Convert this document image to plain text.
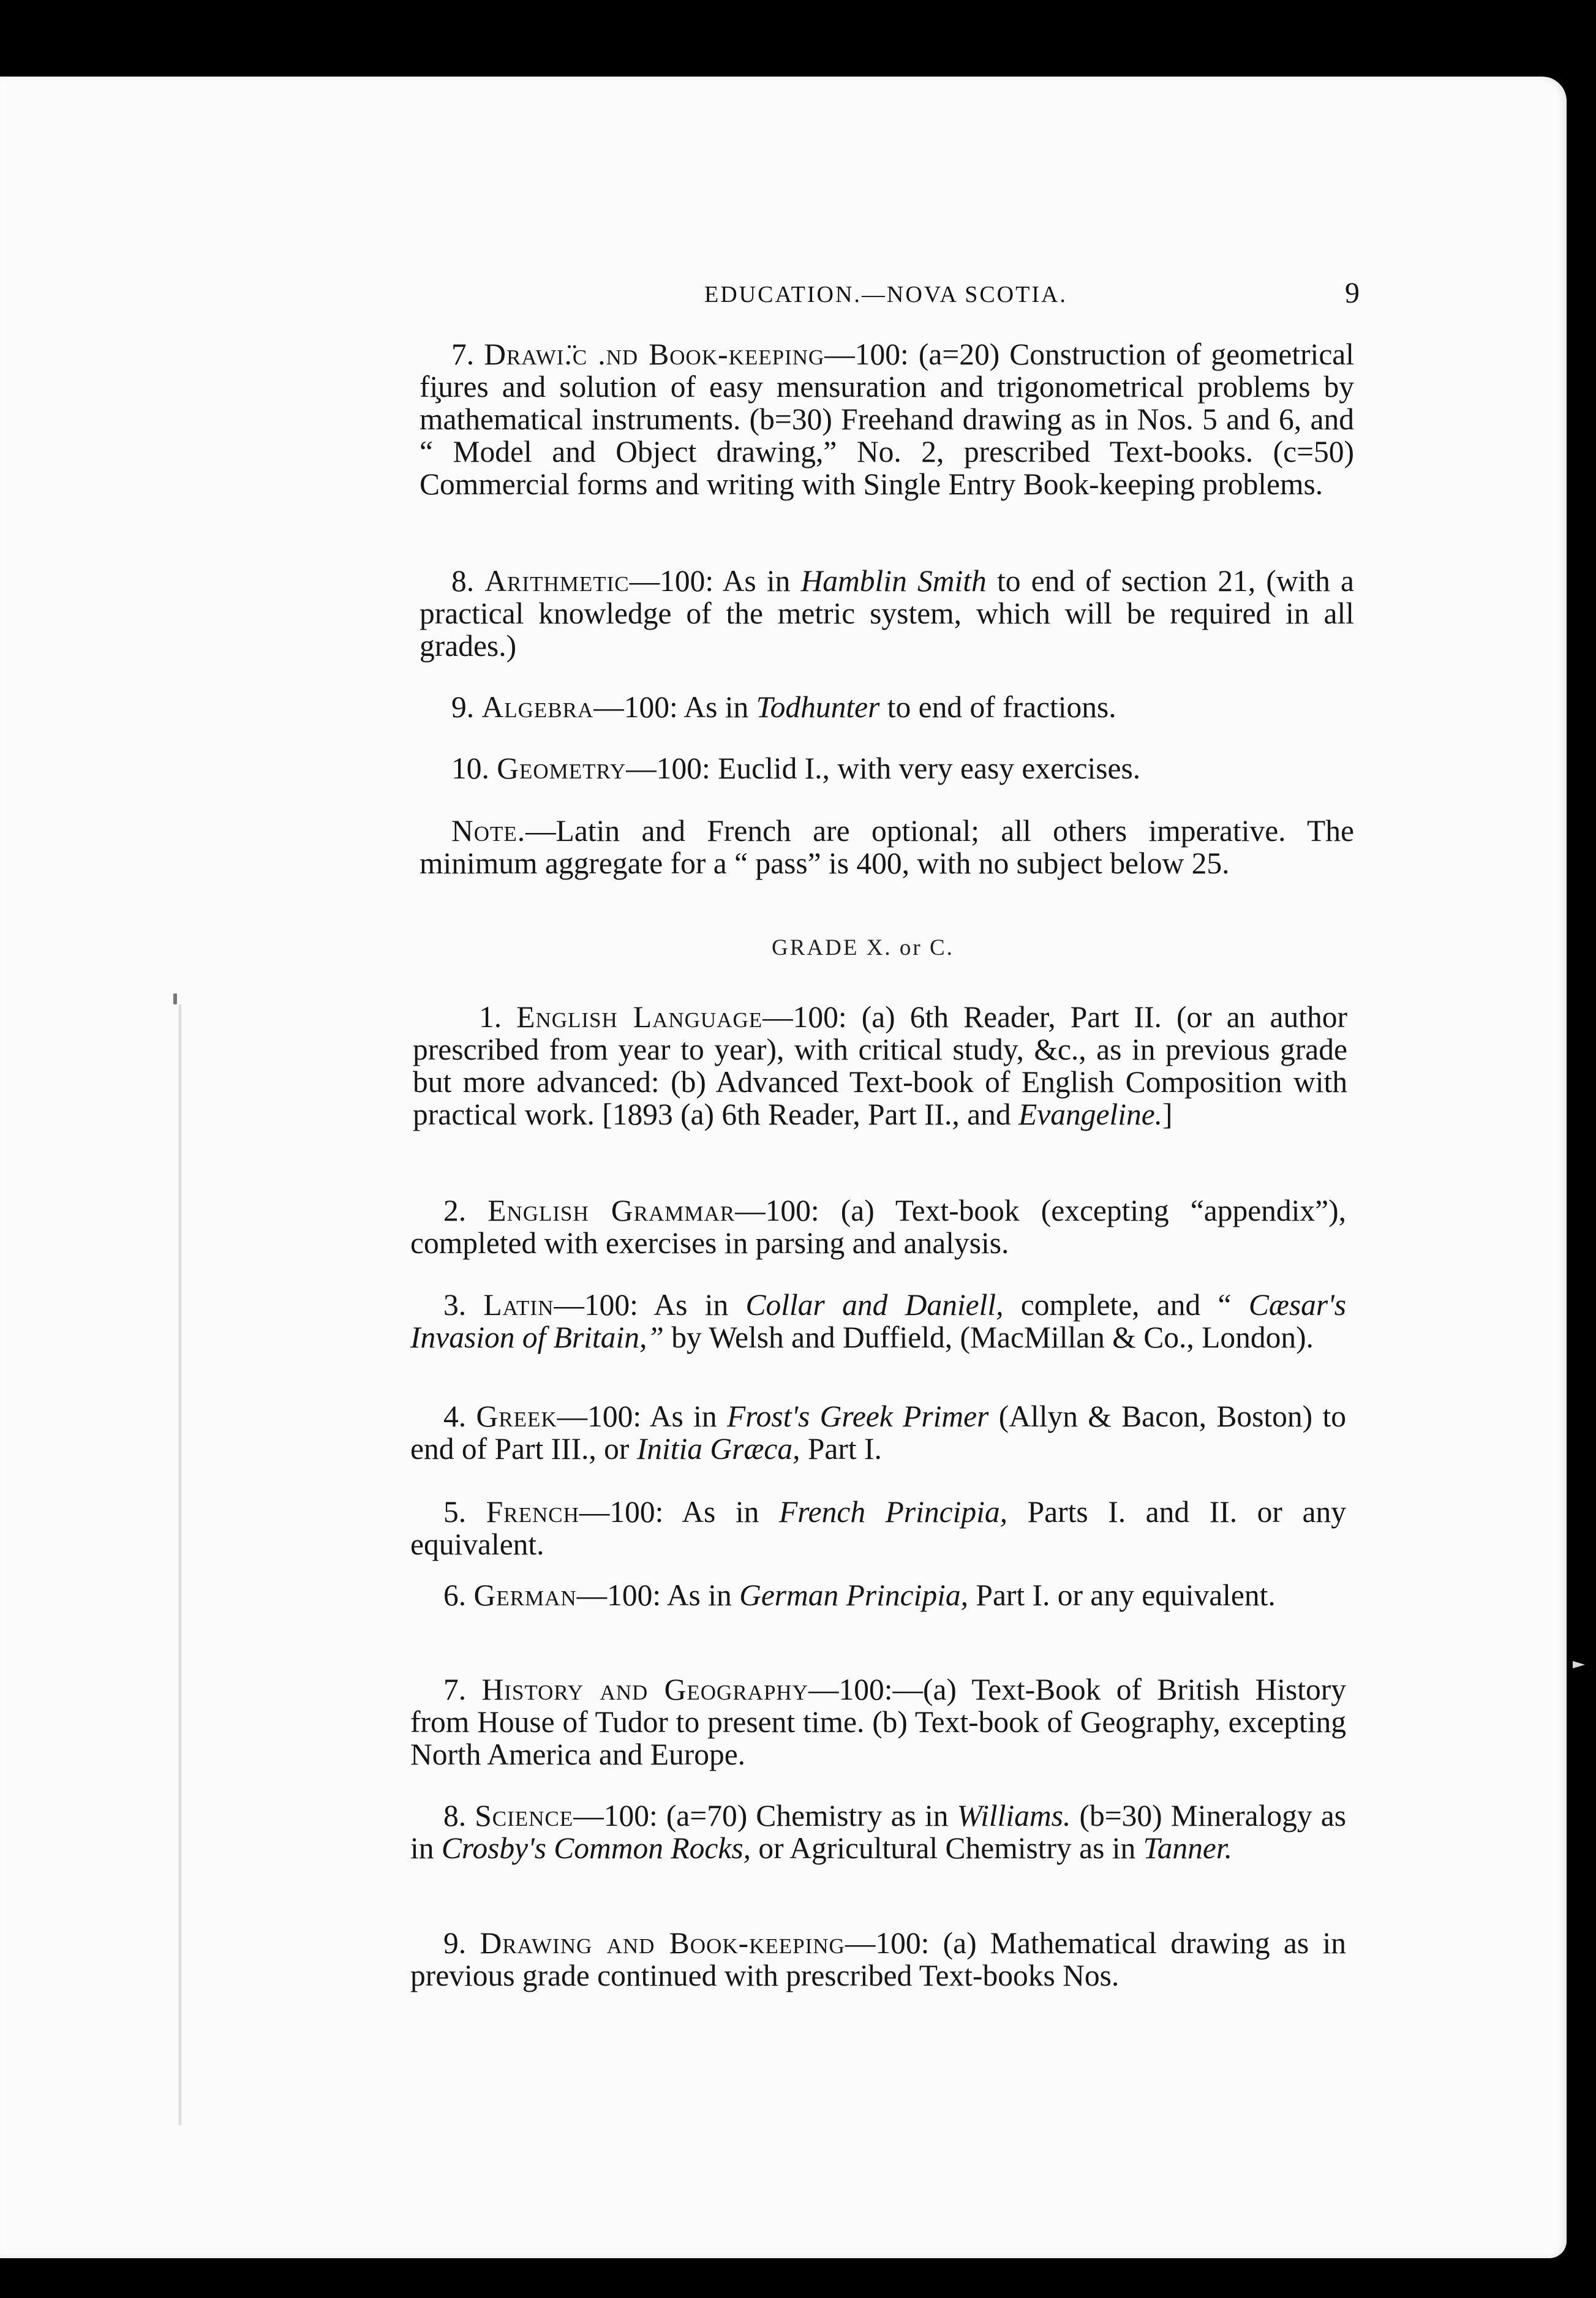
EDUCATION.—NOVA SCOTIA.	9

7. Drawi.̈c .nd Book-keeping—100: (a=20) Construction of geometrical fi̧ures and solution of easy mensuration and trigonometrical problems by mathematical instruments. (b=30) Freehand drawing as in Nos. 5 and 6, and “ Model and Object drawing,” No. 2, prescribed Text-books. (c=50) Commercial forms and writing with Single Entry Book-keeping problems.

8. Arithmetic—100: As in Hamblin Smith to end of section 21, (with a practical knowledge of the metric system, which will be required in all grades.)

9. Algebra—100: As in Todhunter to end of fractions.

10. Geometry—100: Euclid I., with very easy exercises.

Note.—Latin and French are optional; all others imperative. The minimum aggregate for a “ pass” is 400, with no subject below 25.

GRADE X. or C.

1. English Language—100: (a) 6th Reader, Part II. (or an author prescribed from year to year), with critical study, &c., as in previous grade but more advanced: (b) Advanced Text-book of English Composition with practical work. [1893 (a) 6th Reader, Part II., and Evangeline.]

2. English Grammar—100: (a) Text-book (excepting “appendix”), completed with exercises in parsing and analysis.

3. Latin—100: As in Collar and Daniell, complete, and “ Cæsar's Invasion of Britain,” by Welsh and Duffield, (MacMillan & Co., London).

4. Greek—100: As in Frost's Greek Primer (Allyn & Bacon, Boston) to end of Part III., or Initia Græca, Part I.

5. French—100: As in French Principia, Parts I. and II. or any equivalent.

6. German—100: As in German Principia, Part I. or any equivalent.

7. History and Geography—100:—(a) Text-Book of British History from House of Tudor to present time. (b) Text-book of Geography, excepting North America and Europe.

8. Science—100: (a=70) Chemistry as in Williams. (b=30) Mineralogy as in Crosby's Common Rocks, or Agricultural Chemistry as in Tanner.

9. Drawing and Book-keeping—100: (a) Mathematical drawing as in previous grade continued with prescribed Text-books Nos.
